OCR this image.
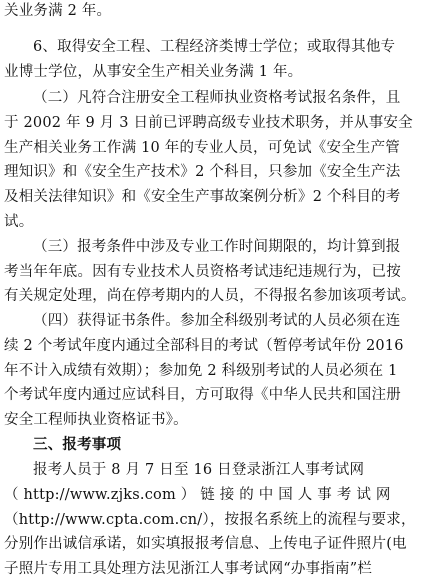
关业务满 2 年。
6、取得安全工程、工程经济类博士学位；或取得其他专
业博士学位，从事安全生产相关业务满 1 年。
（二）凡符合注册安全工程师执业资格考试报名条件，且
于 2002 年 9 月 3 日前已评聘高级专业技术职务，并从事安全
生产相关业务工作满 10 年的专业人员，可免试《安全生产管
理知识》和《安全生产技术》2 个科目，只参加《安全生产法
及相关法律知识》和《安全生产事故案例分析》2 个科目的考
试。
（三）报考条件中涉及专业工作时间期限的，均计算到报
考当年年底。因有专业技术人员资格考试违纪违规行为，已按
有关规定处理，尚在停考期内的人员，不得报名参加该项考试。
（四）获得证书条件。参加全科级别考试的人员必须在连
续 2 个考试年度内通过全部科目的考试（暂停考试年份 2016
年不计入成绩有效期）；参加免 2 科级别考试的人员必须在 1
个考试年度内通过应试科目，方可取得《中华人民共和国注册
安全工程师执业资格证书》。
三、报考事项
报考人员于 8 月 7 日至 16 日登录浙江人事考试网
（ http://www.zjks.com ） 链 接 的 中 国 人 事 考 试 网
（http://www.cpta.com.cn/），按报名系统上的流程与要求，
分别作出诚信承诺，如实填报报考信息、上传电子证件照片(电
子照片专用工具处理方法见浙江人事考试网“办事指南”栏
